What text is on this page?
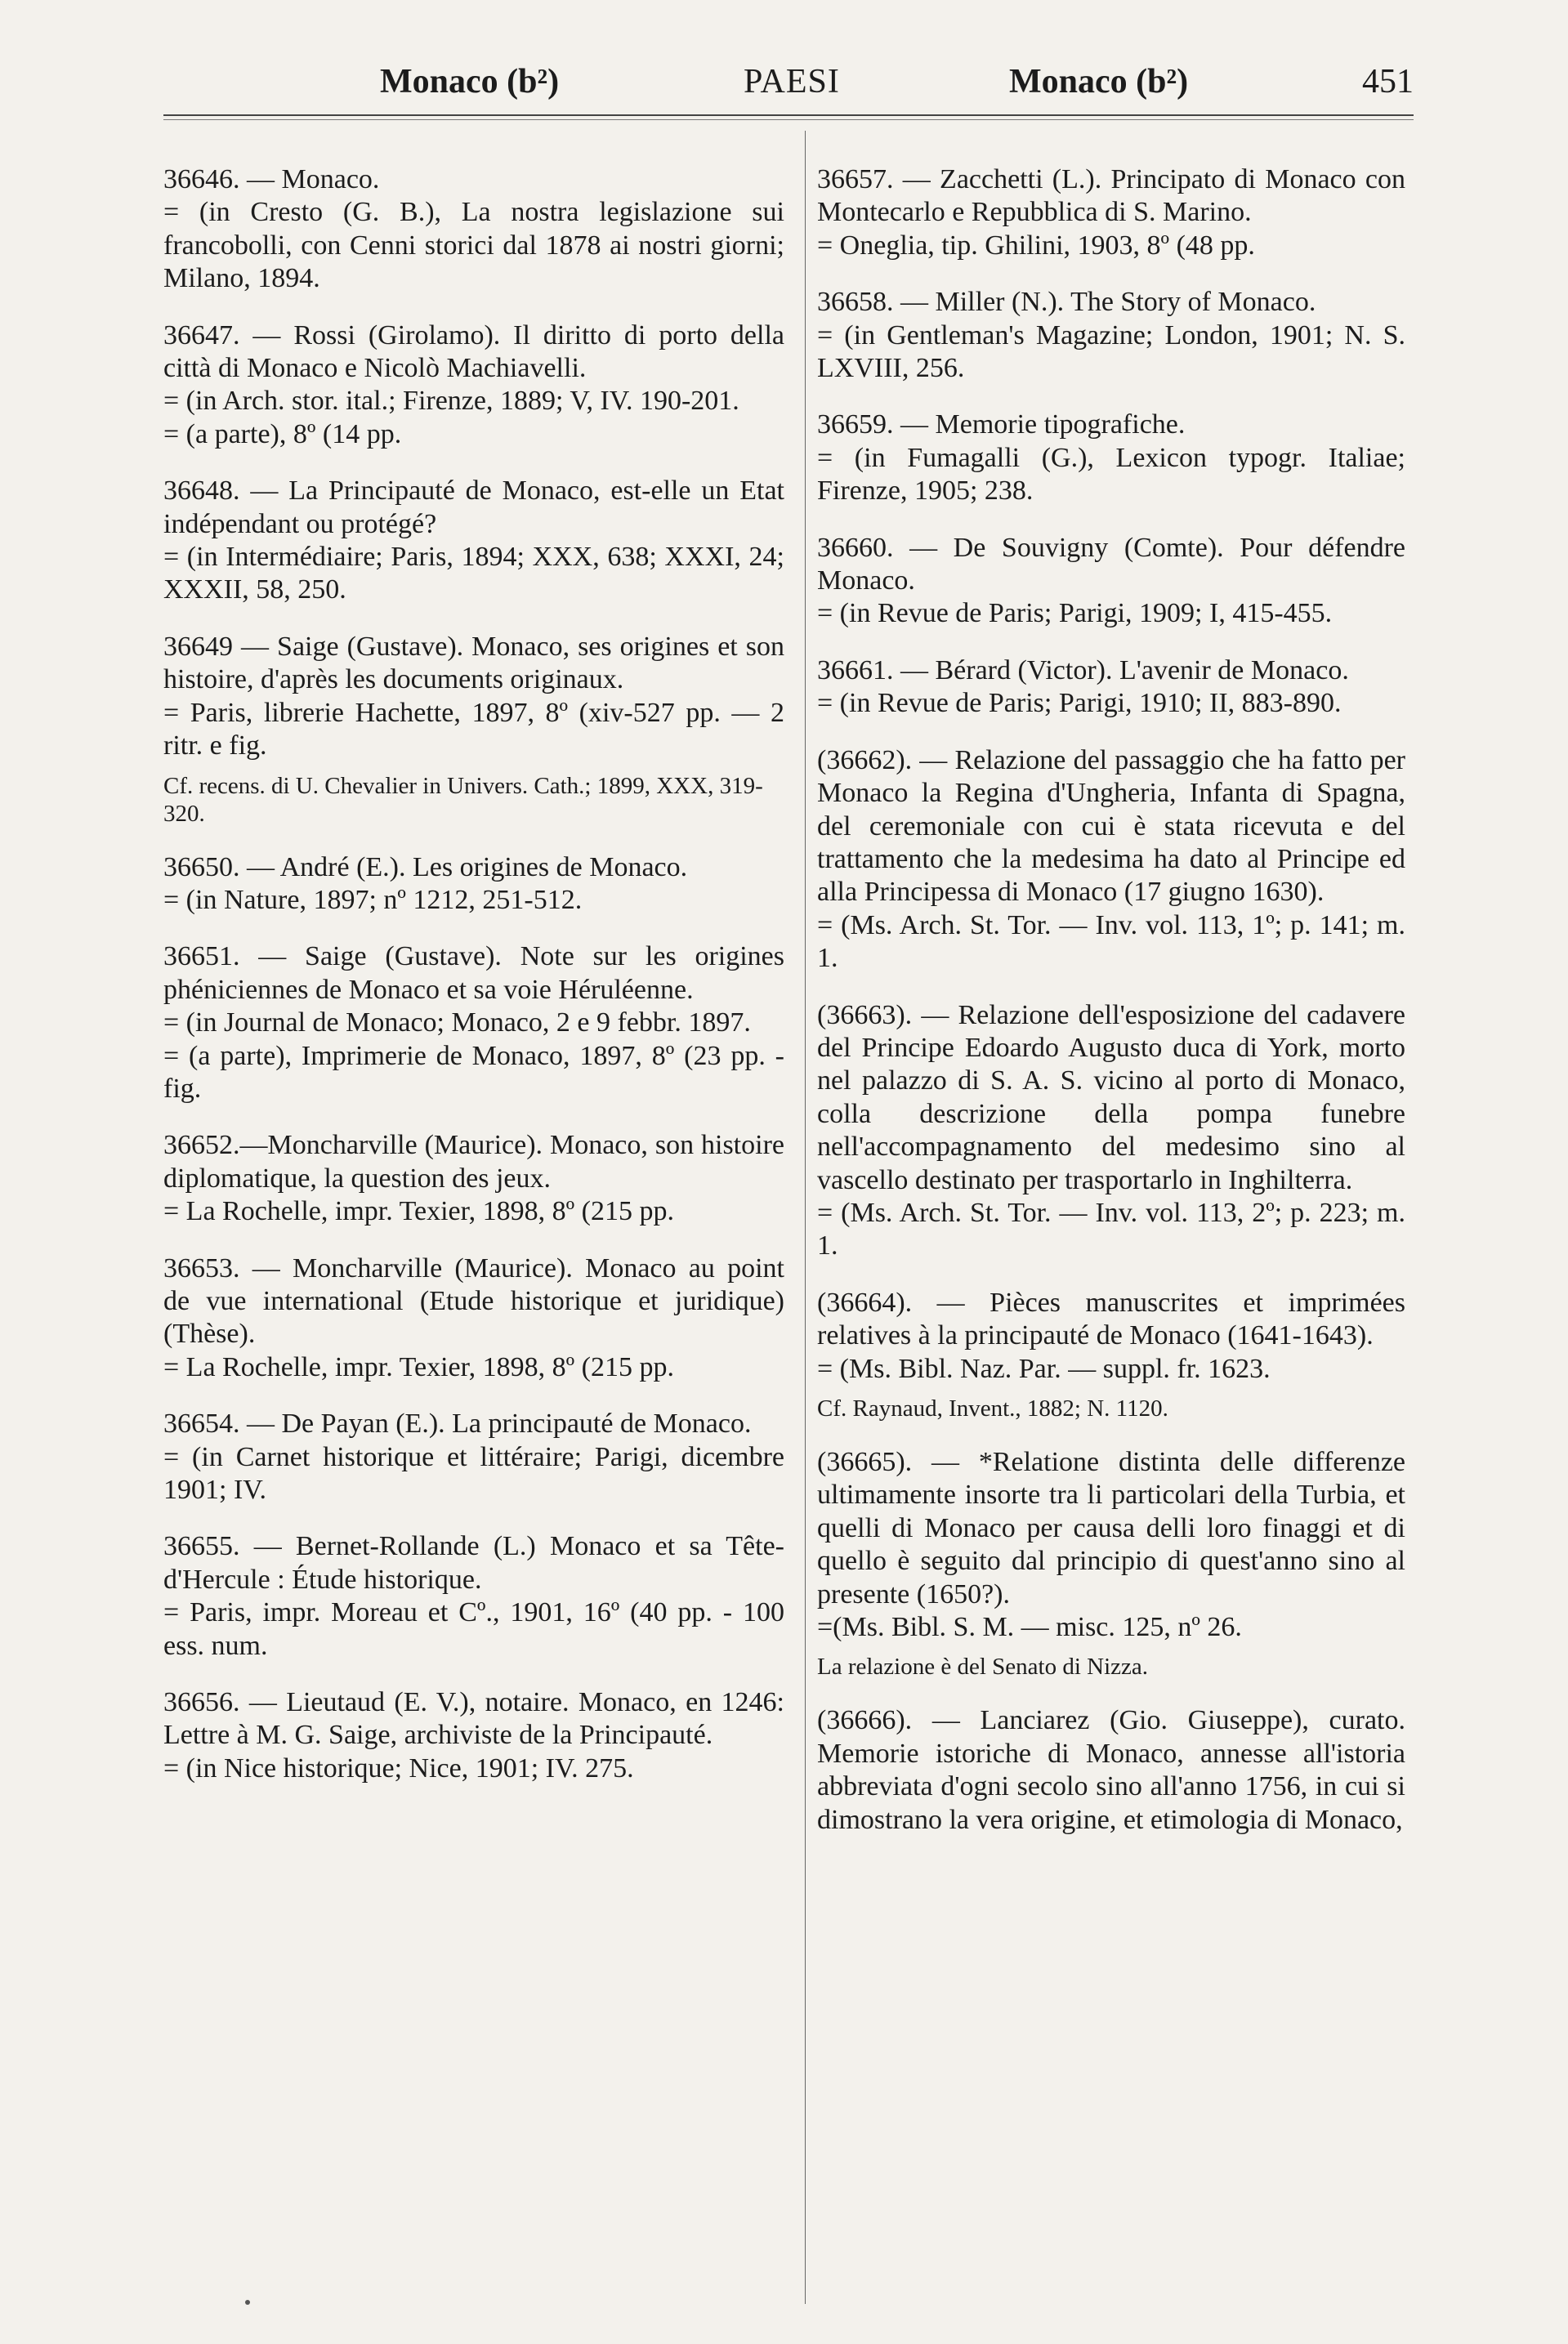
Monaco (b²)	PAESI	Monaco (b²)	451
36646. — Monaco.
= (in Cresto (G. B.), La nostra legislazione sui francobolli, con Cenni storici dal 1878 ai nostri giorni; Milano, 1894.
36647. — Rossi (Girolamo). Il diritto di porto della città di Monaco e Nicolò Machiavelli.
= (in Arch. stor. ital.; Firenze, 1889; V, IV. 190-201.
= (a parte), 8º (14 pp.
36648. — La Principauté de Monaco, est-elle un Etat indépendant ou protégé?
= (in Intermédiaire; Paris, 1894; XXX, 638; XXXI, 24; XXXII, 58, 250.
36649 — Saige (Gustave). Monaco, ses origines et son histoire, d'après les documents originaux.
= Paris, librerie Hachette, 1897, 8º (xiv-527 pp. — 2 ritr. e fig.
Cf. recens. di U. Chevalier in Univers. Cath.; 1899, XXX, 319-320.
36650. — André (E.). Les origines de Monaco.
= (in Nature, 1897; nº 1212, 251-512.
36651. — Saige (Gustave). Note sur les origines phéniciennes de Monaco et sa voie Héruléenne.
= (in Journal de Monaco; Monaco, 2 e 9 febbr. 1897.
= (a parte), Imprimerie de Monaco, 1897, 8º (23 pp. - fig.
36652.—Moncharville (Maurice). Monaco, son histoire diplomatique, la question des jeux.
= La Rochelle, impr. Texier, 1898, 8º (215 pp.
36653. — Moncharville (Maurice). Monaco au point de vue international (Etude historique et juridique) (Thèse).
= La Rochelle, impr. Texier, 1898, 8º (215 pp.
36654. — De Payan (E.). La principauté de Monaco.
= (in Carnet historique et littéraire; Parigi, dicembre 1901; IV.
36655. — Bernet-Rollande (L.) Monaco et sa Tête-d'Hercule : Étude historique.
= Paris, impr. Moreau et Cº., 1901, 16º (40 pp. - 100 ess. num.
36656. — Lieutaud (E. V.), notaire. Monaco, en 1246: Lettre à M. G. Saige, archiviste de la Principauté.
= (in Nice historique; Nice, 1901; IV. 275.
36657. — Zacchetti (L.). Principato di Monaco con Montecarlo e Repubblica di S. Marino.
= Oneglia, tip. Ghilini, 1903, 8º (48 pp.
36658. — Miller (N.). The Story of Monaco.
= (in Gentleman's Magazine; London, 1901; N. S. LXVIII, 256.
36659. — Memorie tipografiche.
= (in Fumagalli (G.), Lexicon typogr. Italiae; Firenze, 1905; 238.
36660. — De Souvigny (Comte). Pour défendre Monaco.
= (in Revue de Paris; Parigi, 1909; I, 415-455.
36661. — Bérard (Victor). L'avenir de Monaco.
= (in Revue de Paris; Parigi, 1910; II, 883-890.
(36662). — Relazione del passaggio che ha fatto per Monaco la Regina d'Ungheria, Infanta di Spagna, del ceremoniale con cui è stata ricevuta e del trattamento che la medesima ha dato al Principe ed alla Principessa di Monaco (17 giugno 1630).
= (Ms. Arch. St. Tor. — Inv. vol. 113, 1º; p. 141; m. 1.
(36663). — Relazione dell'esposizione del cadavere del Principe Edoardo Augusto duca di York, morto nel palazzo di S. A. S. vicino al porto di Monaco, colla descrizione della pompa funebre nell'accompagnamento del medesimo sino al vascello destinato per trasportarlo in Inghilterra.
= (Ms. Arch. St. Tor. — Inv. vol. 113, 2º; p. 223; m. 1.
(36664). — Pièces manuscrites et imprimées relatives à la principauté de Monaco (1641-1643).
= (Ms. Bibl. Naz. Par. — suppl. fr. 1623.
Cf. Raynaud, Invent., 1882; N. 1120.
(36665). — *Relatione distinta delle differenze ultimamente insorte tra li particolari della Turbia, et quelli di Monaco per causa delli loro finaggi et di quello è seguito dal principio di quest'anno sino al presente (1650?).
=(Ms. Bibl. S. M. — misc. 125, nº 26.
La relazione è del Senato di Nizza.
(36666). — Lanciarez (Gio. Giuseppe), curato. Memorie istoriche di Monaco, annesse all'istoria abbreviata d'ogni secolo sino all'anno 1756, in cui si dimostrano la vera origine, et etimologia di Monaco,
